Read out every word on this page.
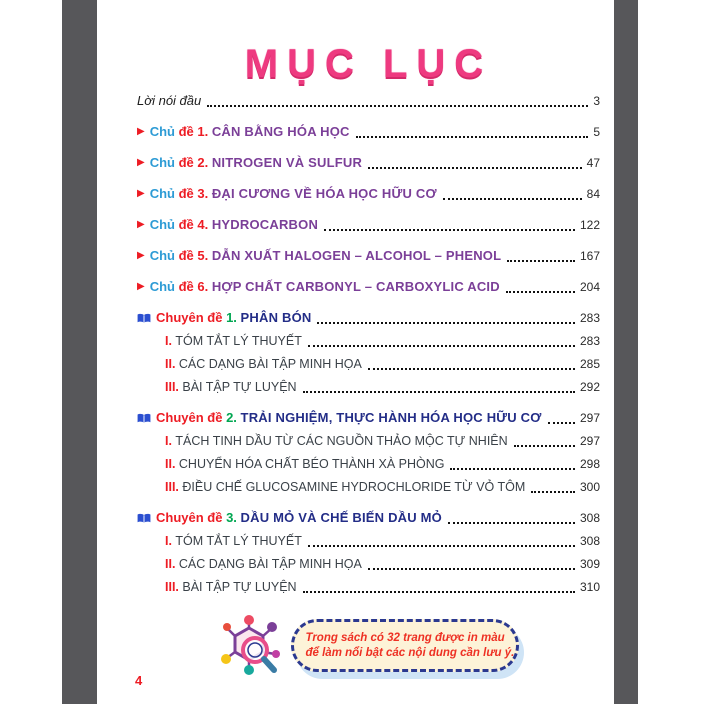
MỤC LỤC
Lời nói đầu	3
▶ Chủ đề 1. CÂN BẰNG HÓA HỌC	5
▶ Chủ đề 2. NITROGEN VÀ SULFUR	47
▶ Chủ đề 3. ĐẠI CƯƠNG VỀ HÓA HỌC HỮU CƠ	84
▶ Chủ đề 4. HYDROCARBON	122
▶ Chủ đề 5. DẪN XUẤT HALOGEN – ALCOHOL – PHENOL	167
▶ Chủ đề 6. HỢP CHẤT CARBONYL – CARBOXYLIC ACID	204
Chuyên đề 1. PHÂN BÓN	283
I. TÓM TẮT LÝ THUYẾT	283
II. CÁC DẠNG BÀI TẬP MINH HỌA	285
III. BÀI TẬP TỰ LUYỆN	292
Chuyên đề 2. TRẢI NGHIỆM, THỰC HÀNH HÓA HỌC HỮU CƠ	297
I. TÁCH TINH DẦU TỪ CÁC NGUỒN THẢO MỘC TỰ NHIÊN	297
II. CHUYỂN HÓA CHẤT BÉO THÀNH XÀ PHÒNG	298
III. ĐIỀU CHẾ GLUCOSAMINE HYDROCHLORIDE TỪ VỎ TÔM	300
Chuyên đề 3. DẦU MỎ VÀ CHẾ BIẾN DẦU MỎ	308
I. TÓM TẮT LÝ THUYẾT	308
II. CÁC DẠNG BÀI TẬP MINH HỌA	309
III. BÀI TẬP TỰ LUYỆN	310
Trong sách có 32 trang được in màu
để làm nổi bật các nội dung cần lưu ý.
4
